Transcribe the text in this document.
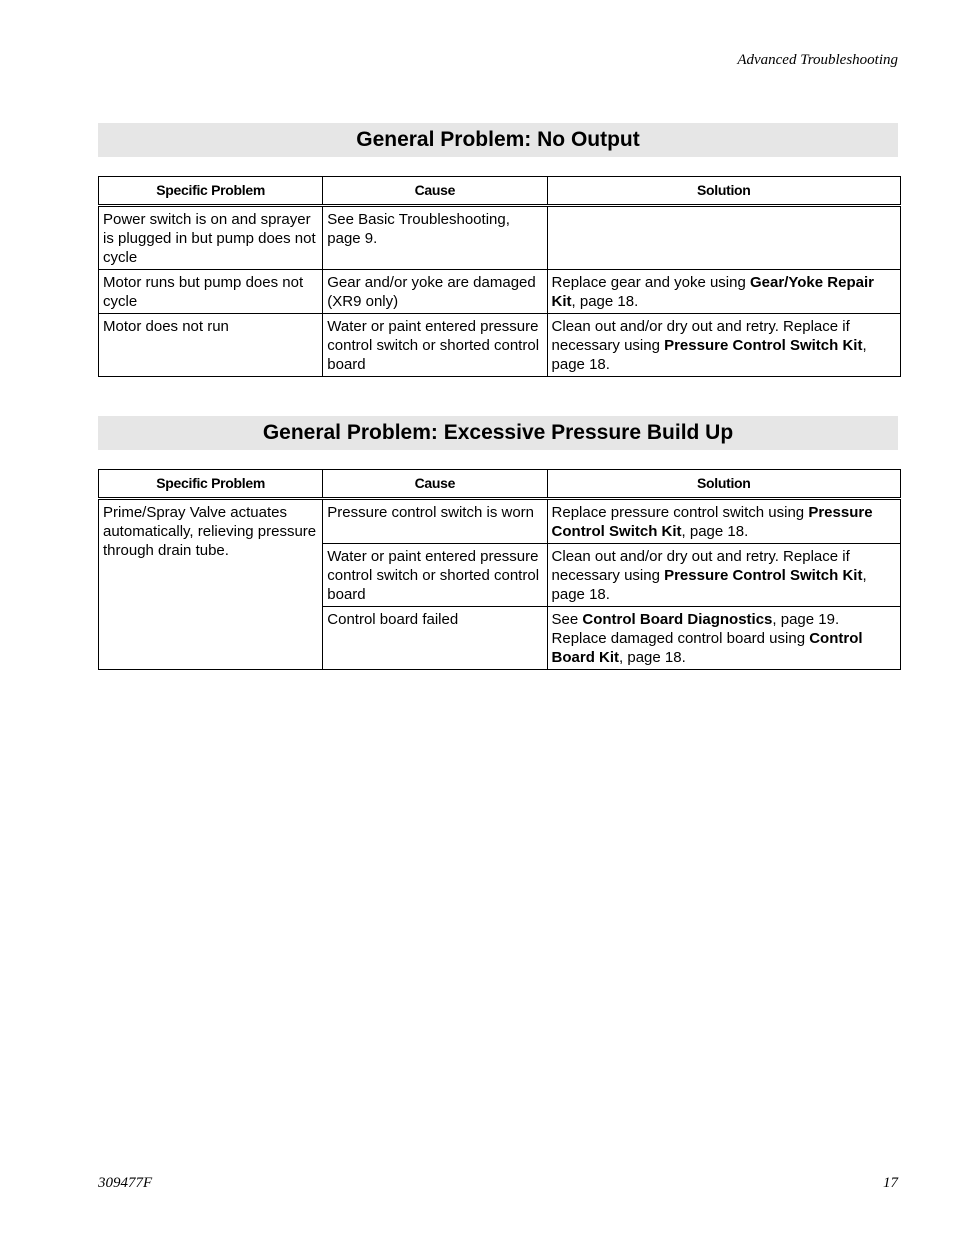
Advanced Troubleshooting
General Problem: No Output
Specific Problem	Cause	Solution
Power switch is on and sprayer is plugged in but pump does not cycle	See Basic Troubleshooting, page 9.	
Motor runs but pump does not cycle	Gear and/or yoke are damaged (XR9 only)	Replace gear and yoke using Gear/Yoke Repair Kit, page 18.
Motor does not run	Water or paint entered pressure control switch or shorted control board	Clean out and/or dry out and retry. Replace if necessary using Pressure Control Switch Kit, page 18.
General Problem: Excessive Pressure Build Up
Specific Problem	Cause	Solution
Prime/Spray Valve actuates automatically, relieving pressure through drain tube.	Pressure control switch is worn	Replace pressure control switch using Pressure Control Switch Kit, page 18.
	Water or paint entered pressure control switch or shorted control board	Clean out and/or dry out and retry. Replace if necessary using Pressure Control Switch Kit, page 18.
	Control board failed	See Control Board Diagnostics, page 19. Replace damaged control board using Control Board Kit, page 18.
309477F	17
